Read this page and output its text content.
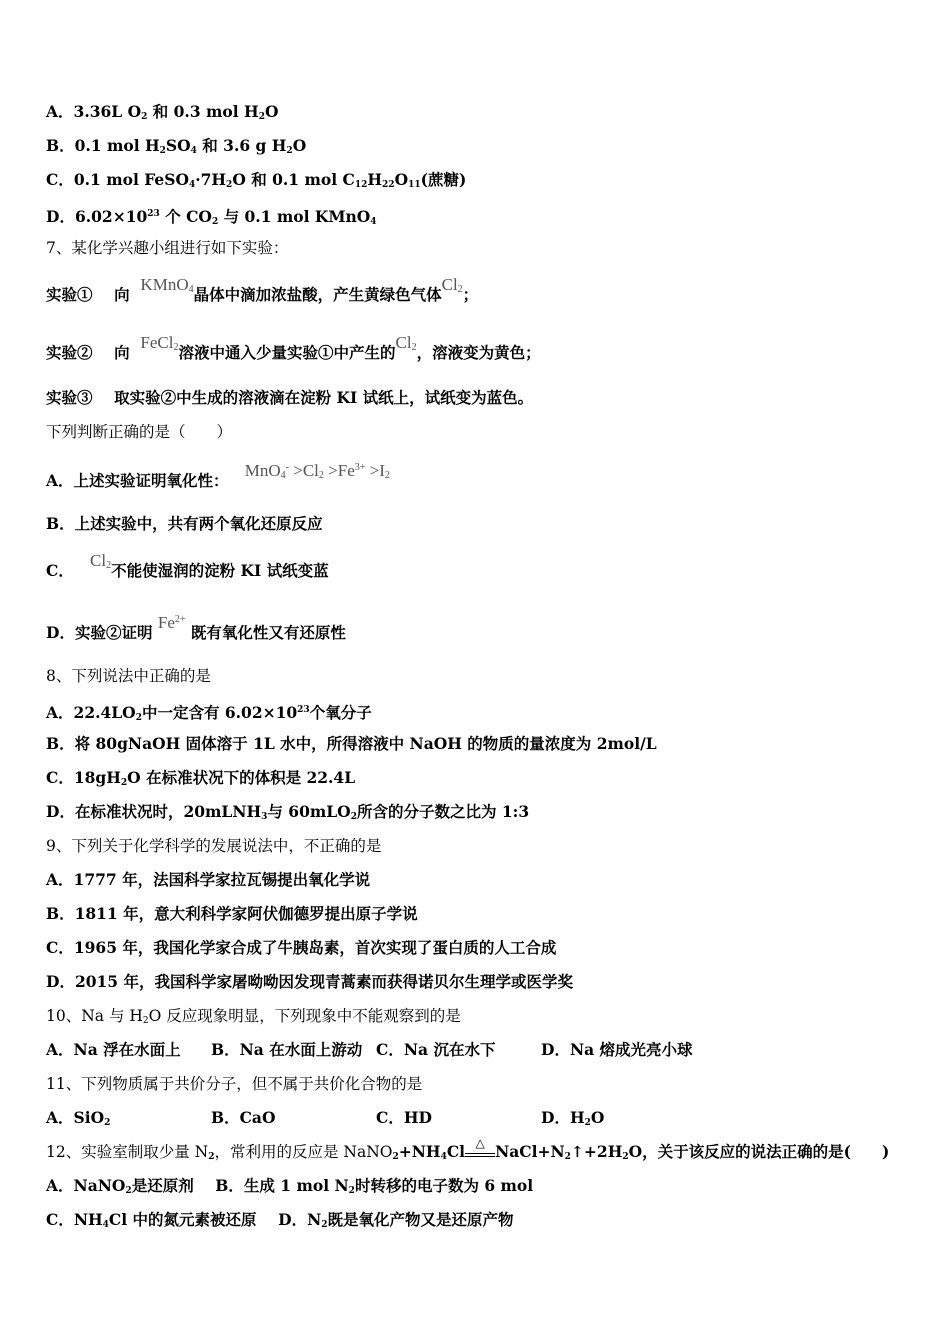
A．3.36L $O_2$ 和 0.3 mol $H_2O$
B．0.1 mol $H_2SO_4$ 和 3.6 g $H_2O$
C．0.1 mol $FeSO_4\cdot 7H_2O$ 和 0.1 mol $C_{12}H_{22}O_{11}$(蔗糖)
D．$6.02\times 10^{23}$ 个 $CO_2$ 与 0.1 mol KMnO$_4$
7、某化学兴趣小组进行如下实验：
实验① 向  KMnO$_4$晶体中滴加浓盐酸，产生黄绿色气体$Cl_2$；
实验② 向  FeCl$_2$溶液中通入少量实验①中产生的$Cl_2$，溶液变为黄色；
实验③ 取实验②中生成的溶液滴在淀粉 KI 试纸上，试纸变为蓝色。
下列判断正确的是（　　）
A．上述实验证明氧化性：   $MnO_4^- >Cl_2 >Fe^{3+} >I_2$
B．上述实验中，共有两个氧化还原反应
C．   $Cl_2$不能使湿润的淀粉 KI 试纸变蓝
D．实验②证明 $Fe^{2+}$ 既有氧化性又有还原性
8、下列说法中正确的是
A．$22.4LO_2$中一定含有 $6.02\times 10^{23}$个氧分子
B．将 80gNaOH 固体溶于 1L 水中，所得溶液中 NaOH 的物质的量浓度为 2mol/L
C．$18gH_2O$ 在标准状况下的体积是 22.4L
D．在标准状况时，20mLNH$_3$与 60mLO$_2$所含的分子数之比为 1:3
9、下列关于化学科学的发展说法中，不正确的是
A．1777 年，法国科学家拉瓦锡提出氧化学说
B．1811 年，意大利科学家阿伏伽德罗提出原子学说
C．1965 年，我国化学家合成了牛胰岛素，首次实现了蛋白质的人工合成
D．2015 年，我国科学家屠呦呦因发现青蒿素而获得诺贝尔生理学或医学奖
10、Na 与 $H_2O$ 反应现象明显，下列现象中不能观察到的是
A．Na 浮在水面上 B．Na 在水面上游动 C．Na 沉在水下	D．Na 熔成光亮小球
11、下列物质属于共价分子，但不属于共价化合物的是
A．SiO$_2$	B．CaO	C．HD	D．$H_2O$
12、实验室制取少量 $N_2$，常利用的反应是 $NaNO_2+NH_4Cl$ △ $NaCl+N_2↑+2H_2O$，关于该反应的说法正确的是(　　)
A．NaNO$_2$是还原剂 B．生成 1 mol $N_2$时转移的电子数为 6 mol
C．$NH_4Cl$ 中的氮元素被还原 D．$N_2$既是氧化产物又是还原产物
